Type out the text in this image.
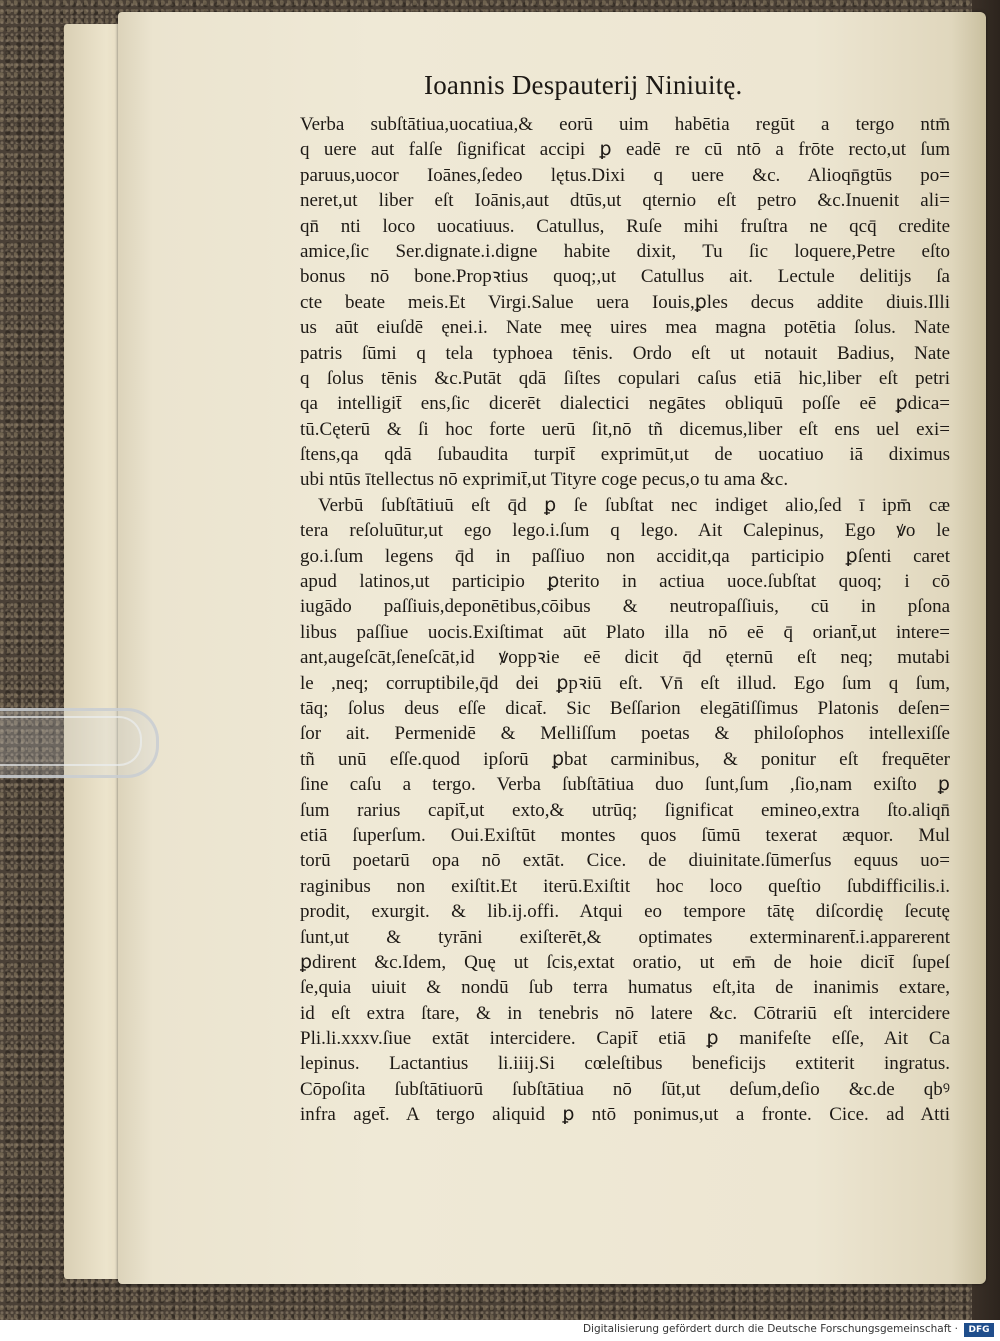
Ioannis Despauterij Niniuitę.
Verba subſtātiua,uocatiua,& eorū uim habētia regūt a tergo ntm̄
q uere aut falſe ſignificat accipi ꝑ eadē re cū ntō a frōte recto,ut ſum
paruus,uocor Ioānes,ſedeo lętus.Dixi q uere &c. Alioqn̄gtūs po=
neret,ut liber eſt Ioānis,aut dtūs,ut qternio eſt petro &c.Inuenit ali=
qn̄ nti loco uocatiuus. Catullus, Ruſe mihi fruſtra ne qcq̄ credite
amice,ſic Ser.dignate.i.digne habite dixit, Tu ſic loquere,Petre eſto
bonus nō bone.Propꝛtius quoq;,ut Catullus ait. Lectule delitijs ſa
cte beate meis.Et Virgi.Salue uera Iouis,ꝑles decus addite diuis.Illi
us aūt eiuſdē ęnei.i. Nate meę uires mea magna potētia ſolus. Nate
patris ſūmi q tela typhoea tēnis. Ordo eſt ut notauit Badius, Nate
q ſolus tēnis &c.Putāt qdā ſiſtes copulari caſus etiā hic,liber eſt petri
qa intelligit̄ ens,ſic dicerēt dialectici negātes obliquū poſſe eē ꝑdica=
tū.Cęterū & ſi hoc forte uerū ſit,nō tñ dicemus,liber eſt ens uel exi=
ſtens,qa qdā ſubaudita turpit̄ exprimūt,ut de uocatiuo iā diximus
ubi ntūs ītellectus nō exprimit̄,ut Tityre coge pecus,o tu ama &c.
Verbū ſubſtātiuū eſt q̄d ꝑ ſe ſubſtat nec indiget alio,ſed ī ipm̄ cæ
tera reſoluūtur,ut ego lego.i.ſum q lego. Ait Calepinus, Ego ꝟo le
go.i.ſum legens q̄d in paſſiuo non accidit,qa participio ꝑſenti caret
apud latinos,ut participio ꝑterito in actiua uoce.ſubſtat quoq; i cō
iugādo paſſiuis,deponētibus,cōibus & neutropaſſiuis, cū in pſona
libus paſſiue uocis.Exiſtimat aūt Plato illa nō eē q̄ oriant̄,ut intere=
ant,augeſcāt,ſeneſcāt,id ꝟoppꝛie eē dicit q̄d ęternū eſt neq; mutabi
le ,neq; corruptibile,q̄d dei ꝑpꝛiū eſt. Vn̄ eſt illud. Ego ſum q ſum,
tāq; ſolus deus eſſe dicat̄. Sic Beſſarion elegātiſſimus Platonis deſen=
ſor ait. Permenidē & Melliſſum poetas & philoſophos intellexiſſe
tñ unū eſſe.quod ipſorū ꝑbat carminibus, & ponitur eſt frequēter
ſine caſu a tergo. Verba ſubſtātiua duo ſunt,ſum ,ſio,nam exiſto ꝑ
ſum rarius capit̄,ut exto,& utrūq; ſignificat emineo,extra ſto.aliqn̄
etiā ſuperſum. Oui.Exiſtūt montes quos ſūmū texerat æquor. Mul
torū poetarū opa nō extāt. Cice. de diuinitate.ſūmerſus equus uo=
raginibus non exiſtit.Et iterū.Exiſtit hoc loco queſtio ſubdifficilis.i.
prodit, exurgit. & lib.ij.offi. Atqui eo tempore tātę diſcordię ſecutę
ſunt,ut & tyrāni exiſterēt,& optimates exterminarent̄.i.apparerent
ꝑdirent &c.Idem, Quę ut ſcis,extat oratio, ut em̄ de hoie dicit̄ ſupeſ
ſe,quia uiuit & nondū ſub terra humatus eſt,ita de inanimis extare,
id eſt extra ſtare, & in tenebris nō latere &c. Cōtrariū eſt intercidere
Pli.li.xxxv.ſiue extāt intercidere. Capit̄ etiā ꝑ manifeſte eſſe, Ait Ca
lepinus. Lactantius li.iiij.Si cœleſtibus beneficijs extiterit ingratus.
Cōpoſita ſubſtātiuorū ſubſtātiua nō ſūt,ut deſum,deſio &c.de qbꝰ
infra aget̄. A tergo aliquid ꝑ ntō ponimus,ut a fronte. Cice. ad Atti
Digitalisierung gefördert durch die Deutsche Forschungsgemeinschaft ·	DFG
